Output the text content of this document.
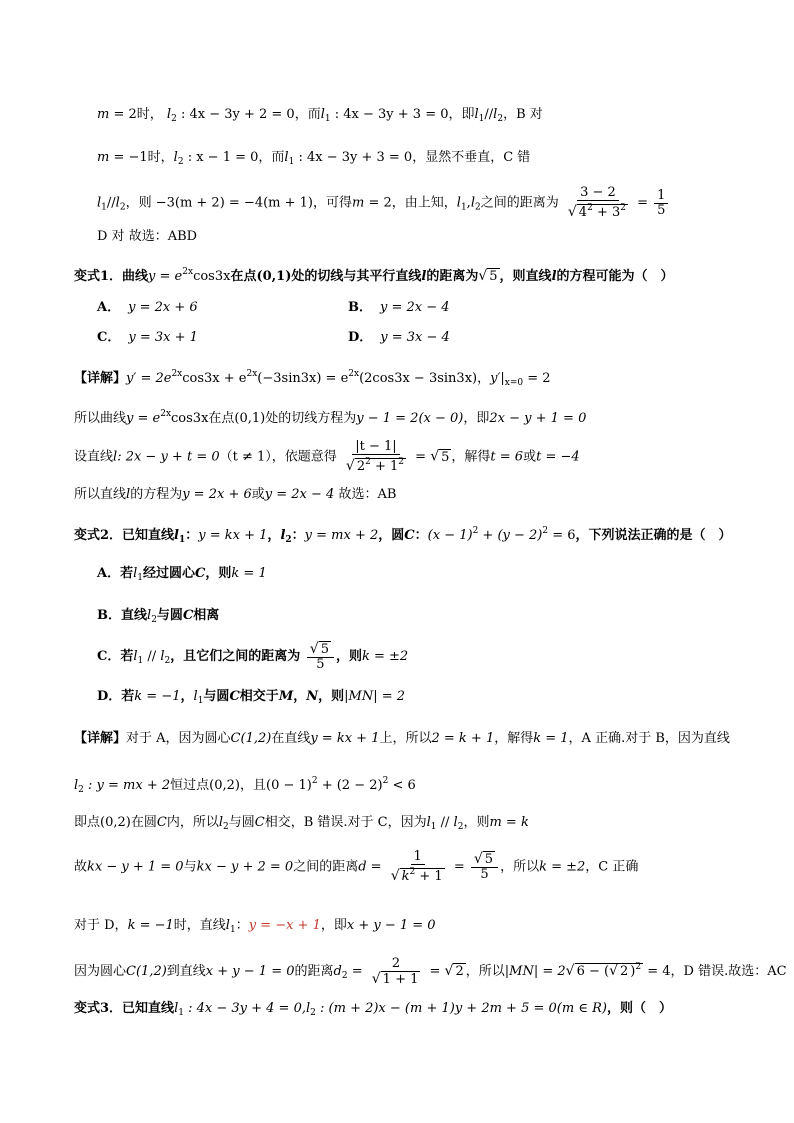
m = 2时， $l_2$ : 4x − 3y + 2 = 0，而$l_1$ : 4x − 3y + 3 = 0，即$l_1//l_2$，B 对
m = −1时，$l_2$ : x − 1 = 0，而$l_1$ : 4x − 3y + 3 = 0，显然不垂直，C 错
$l_1//l_2$，则 −3(m + 2) = −4(m + 1)，可得m = 2，由上知，$l_1,l_2$之间的距离为 $\frac{3 - 2}{√ 4^2 + 3^2} = \frac{1}{5}$
D 对 故选：ABD
变式1．曲线$y = e^{2x}\cos 3x$在点(0,1)处的切线与其平行直线l的距离为√ 5 ，则直线l的方程可能为（　）
A． y = 2x + 6	B． y = 2x − 4
C． y = 3x + 1	D． y = 3x − 4
【详解】$y' = 2e^{2x}\cos 3x + e^{2x}(-3\sin 3x) = e^{2x}(2\cos 3x - 3\sin 3x)$，$y'|_{x=0} = 2$
所以曲线$y = e^{2x}\cos 3x$在点(0,1)处的切线方程为y − 1 = 2(x − 0)，即2x − y + 1 = 0
设直线l: 2x − y + t = 0（t ≠ 1），依题意得 $\frac{|t - 1|}{√ 2^2 + 1^2}$ = √ 5 ，解得t = 6或t = −4
所以直线l的方程为y = 2x + 6或y = 2x − 4 故选：AB
变式2．已知直线$l_1$：y = kx + 1，$l_2$：y = mx + 2，圆C：$(x - 1)^2 + (y - 2)^2 = 6$，下列说法正确的是（　）
A．若$l_1$经过圆心C，则k = 1
B．直线$l_2$与圆C相离
C．若$l_1 // l_2$，且它们之间的距离为 $\frac{√ 5}{5}$ ，则k = ±2
D．若k = −1，$l_1$与圆C相交于M，N，则|MN| = 2
【详解】对于 A，因为圆心C(1,2)在直线y = kx + 1上，所以2 = k + 1，解得k = 1，A 正确.对于 B，因为直线
$l_2$ : y = mx + 2恒过点(0,2)，且$(0 - 1)^2 + (2 - 2)^2 < 6$
即点(0,2)在圆C内，所以$l_2$与圆C相交，B 错误.对于 C，因为$l_1 // l_2$，则m = k
故kx − y + 1 = 0与kx − y + 2 = 0之间的距离$d = \frac{1}{√ k^2 + 1} = \frac{√ 5}{5}$ ，所以k = ±2，C 正确
对于 D，k = −1时，直线$l_1$：y = −x + 1，即x + y − 1 = 0
因为圆心C(1,2)到直线x + y − 1 = 0的距离$d_2 = \frac{2}{√ 1 + 1}$ = √ 2 ，所以|MN| = 2√ 6 − (√ 2 )$^2$ = 4，D 错误.故选：AC
变式3．已知直线$l_1$ : $4x - 3y + 4 = 0,l_2$ : (m + 2)x − (m + 1)y + 2m + 5 = 0(m ∈ R)，则（　）
